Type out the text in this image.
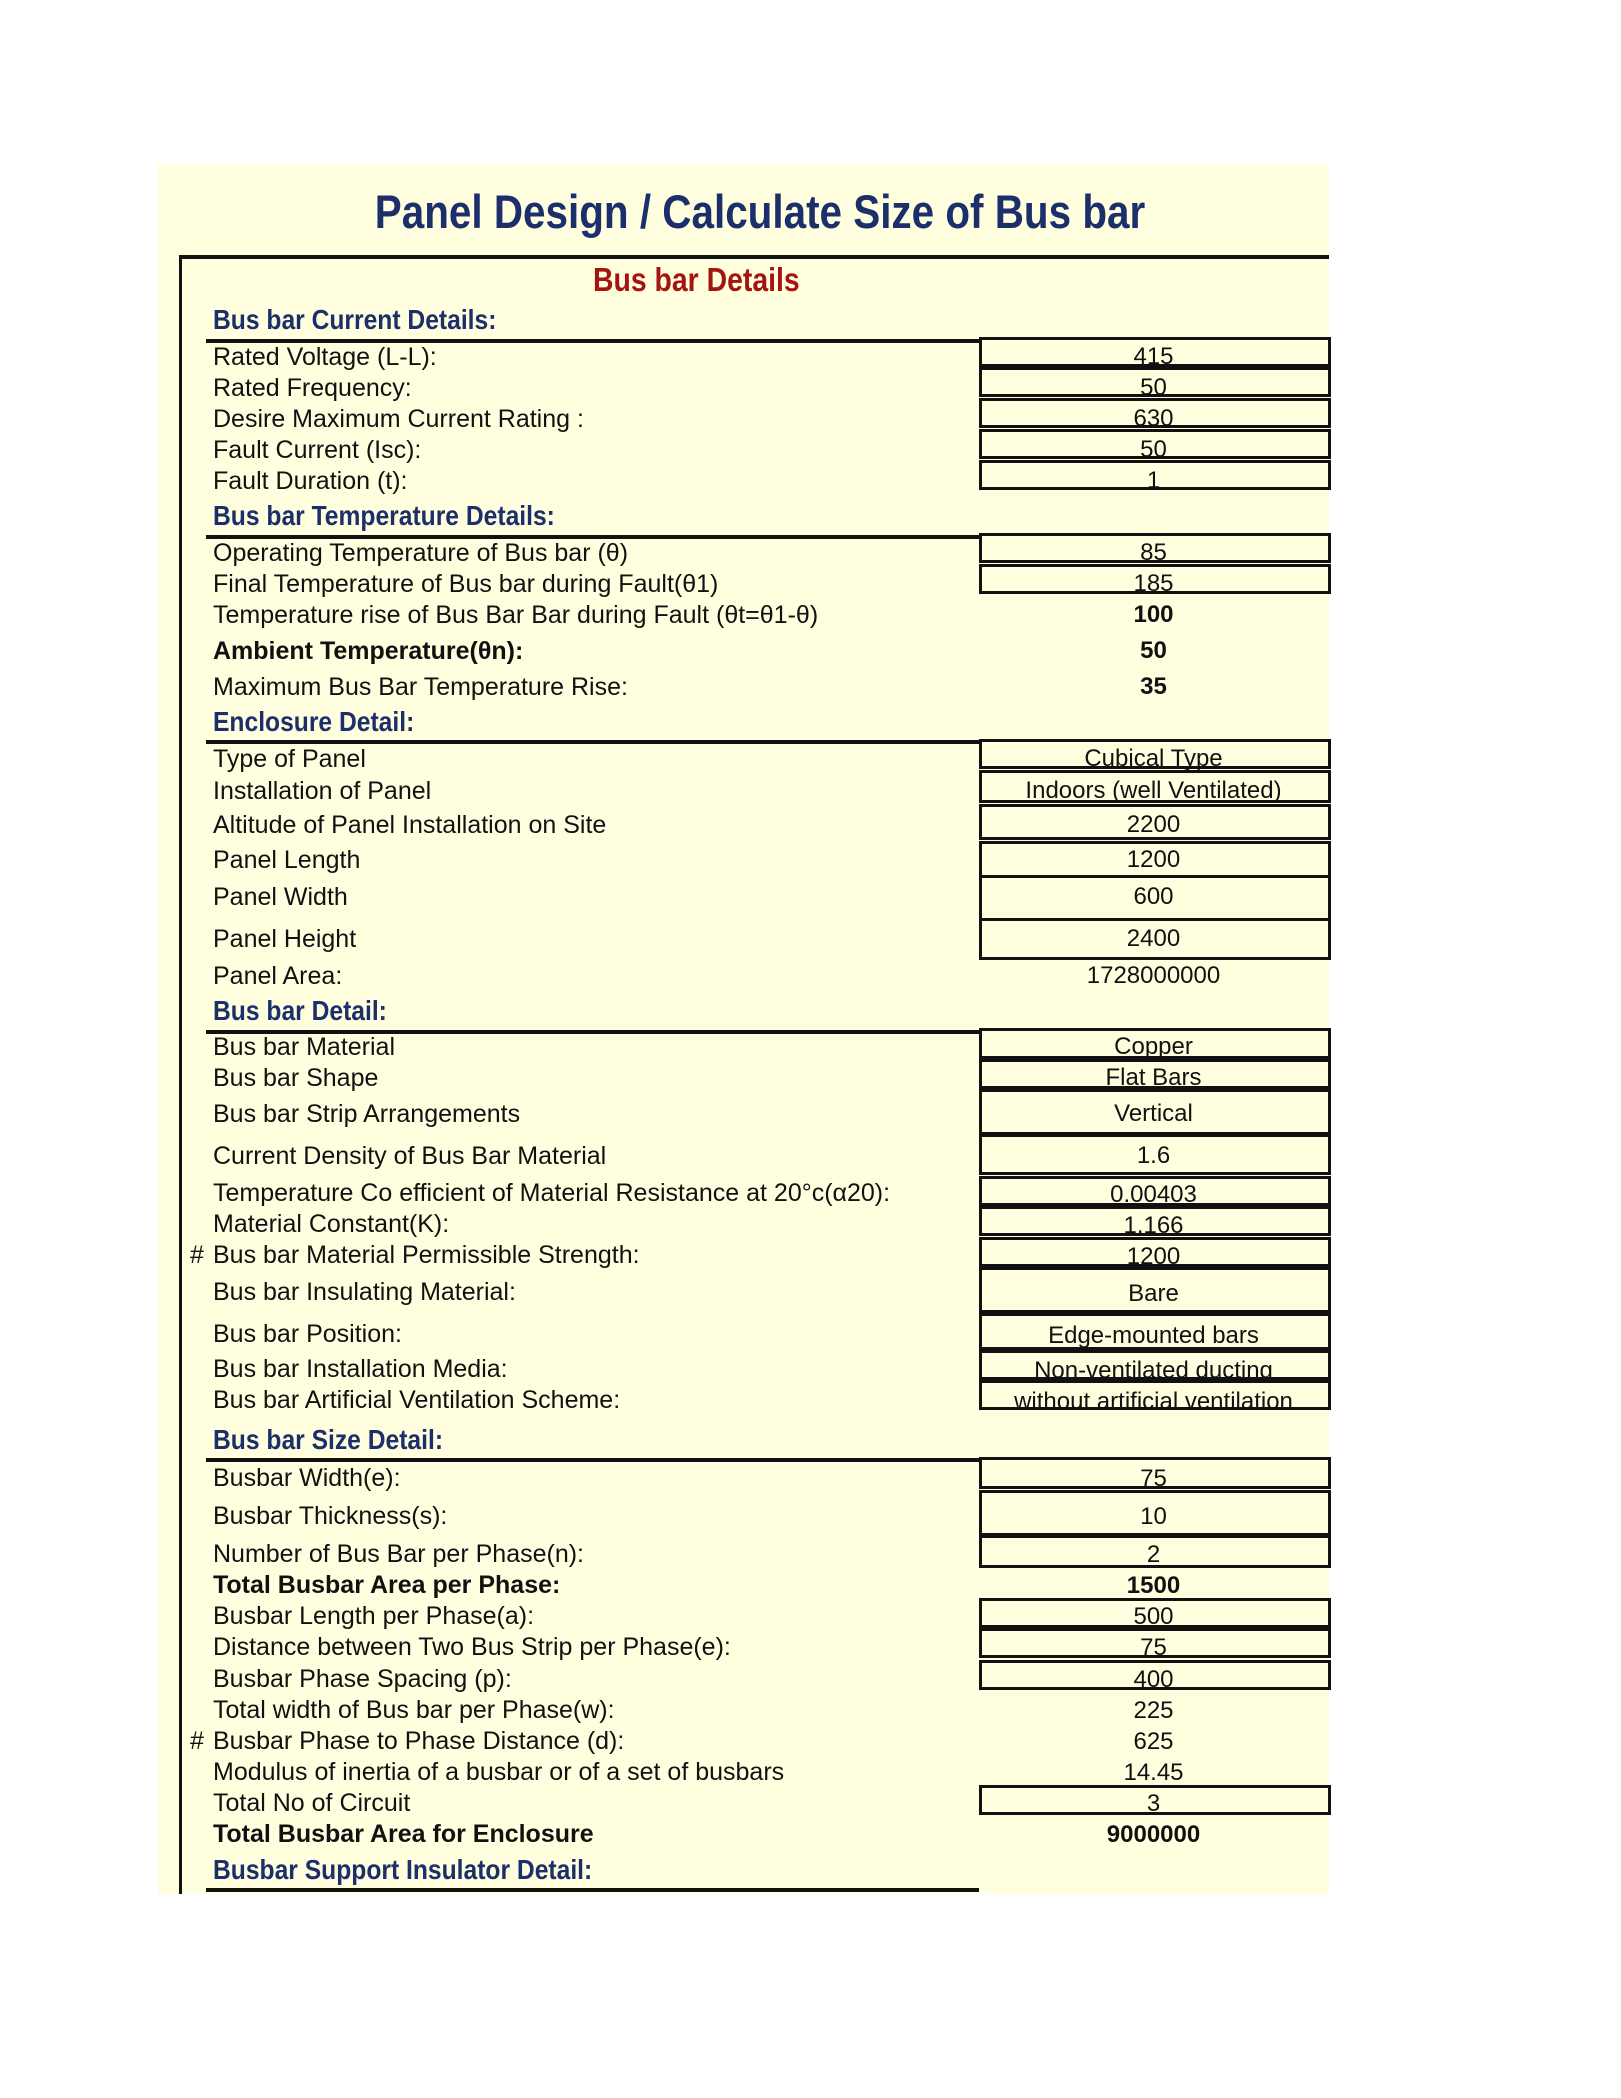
Panel Design / Calculate Size of Bus bar
Bus bar Details
Bus bar Current Details:
Rated Voltage (L-L):	415
Rated Frequency:	50
Desire Maximum Current Rating :	630
Fault Current (Isc):	50
Fault Duration (t):	1
Bus bar Temperature Details:
Operating Temperature of Bus bar (θ)	85
Final Temperature of Bus bar during Fault(θ1)	185
Temperature rise of Bus Bar Bar during Fault (θt=θ1-θ)	100
Ambient Temperature(θn):	50
Maximum Bus Bar Temperature Rise:	35
Enclosure Detail:
Type of Panel	Cubical Type
Installation of Panel	Indoors (well Ventilated)
Altitude of Panel Installation on Site	2200
Panel Length	1200
Panel Width	600
Panel Height	2400
Panel Area:	1728000000
Bus bar Detail:
Bus bar Material	Copper
Bus bar Shape	Flat Bars
Bus bar Strip Arrangements	Vertical
Current Density of Bus Bar Material	1.6
Temperature Co efficient of Material Resistance at 20°c(α20):	0.00403
Material Constant(K):	1.166
# Bus bar Material Permissible Strength:	1200
Bus bar Insulating Material:	Bare
Bus bar Position:	Edge-mounted bars
Bus bar Installation Media:	Non-ventilated ducting
Bus bar Artificial Ventilation Scheme:	without artificial ventilation
Bus bar Size Detail:
Busbar Width(e):	75
Busbar Thickness(s):	10
Number of Bus Bar per Phase(n):	2
Total Busbar Area per Phase:	1500
Busbar Length per Phase(a):	500
Distance between Two Bus Strip per Phase(e):	75
Busbar Phase Spacing (p):	400
Total width of Bus bar per Phase(w):	225
# Busbar Phase to Phase Distance (d):	625
Modulus of inertia of a busbar or of a set of busbars	14.45
Total No of Circuit	3
Total Busbar Area for Enclosure	9000000
Busbar Support Insulator Detail:
